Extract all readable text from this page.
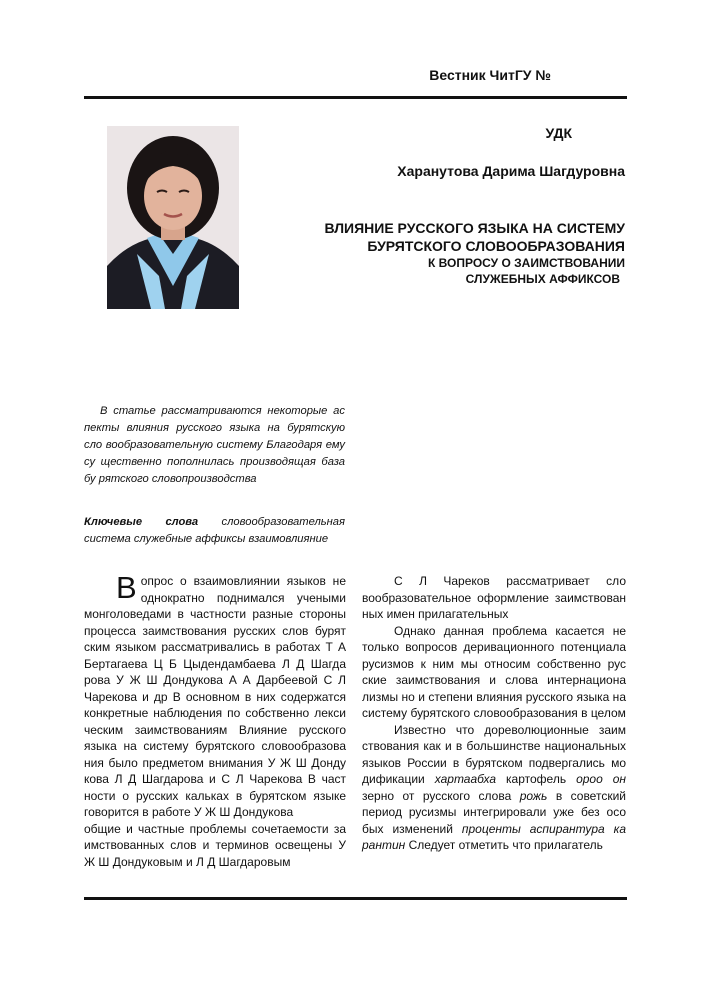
Вестник ЧитГУ №
УДК
Харанутова Дарима Шагдуровна
ВЛИЯНИЕ РУССКОГО ЯЗЫКА НА СИСТЕМУ
БУРЯТСКОГО СЛОВООБРАЗОВАНИЯ
К ВОПРОСУ О ЗАИМСТВОВАНИИ
СЛУЖЕБНЫХ АФФИКСОВ
В статье рассматриваются некоторые ас пекты влияния русского языка на бурятскую сло вообразовательную систему Благодаря ему су щественно пополнилась производящая база бу рятского словопроизводства
Ключевые слова словообразовательная система служебные аффиксы взаимовлияние

Вопрос о взаимовлиянии языков не однократно поднимался учеными монголоведами в частности разные стороны процесса заимствования русских слов бурят ским языком рассматривались в работах Т А Бертагаева Ц Б Цыдендамбаева Л Д Шагда рова У Ж Ш Дондукова А А Дарбеевой С Л Чарекова и др В основном в них содержатся конкретные наблюдения по собственно лекси ческим заимствованиям Влияние русского языка на систему бурятского словообразова ния было предметом внимания У Ж Ш Донду кова Л Д Шагдарова и С Л Чарекова В част ности о русских кальках в бурятском языке говорится в работе У Ж Ш Дондукова

общие и частные проблемы сочетаемости за имствованных слов и терминов освещены У Ж Ш Дондуковым и Л Д Шагдаровым

С Л Чареков рассматривает сло вообразовательное оформление заимствован ных имен прилагательных

Однако данная проблема касается не только вопросов деривационного потенциала русизмов к ним мы относим собственно рус ские заимствования и слова интернациона лизмы но и степени влияния русского языка на систему бурятского словообразования в целом

Известно что дореволюционные заим ствования как и в большинстве национальных языков России в бурятском подвергались мо дификации хартаабха картофель ороо он зерно от русского слова рожь в советский период русизмы интегрировали уже без осо бых изменений проценты аспирантура ка рантин Следует отметить что прилагатель
